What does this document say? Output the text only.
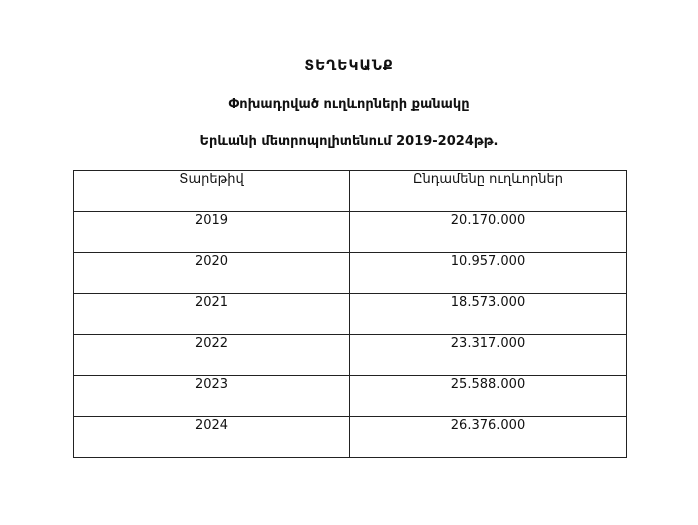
ՏԵՂԵԿԱՆՔ
Փոխադրված ուղևորների քանակը
Երևանի մետրոպոլիտենում 2019-2024թթ.
Տարեթիվ	Ընդամենը ուղևորներ
2019	20.170.000
2020	10.957.000
2021	18.573.000
2022	23.317.000
2023	25.588.000
2024	26.376.000
